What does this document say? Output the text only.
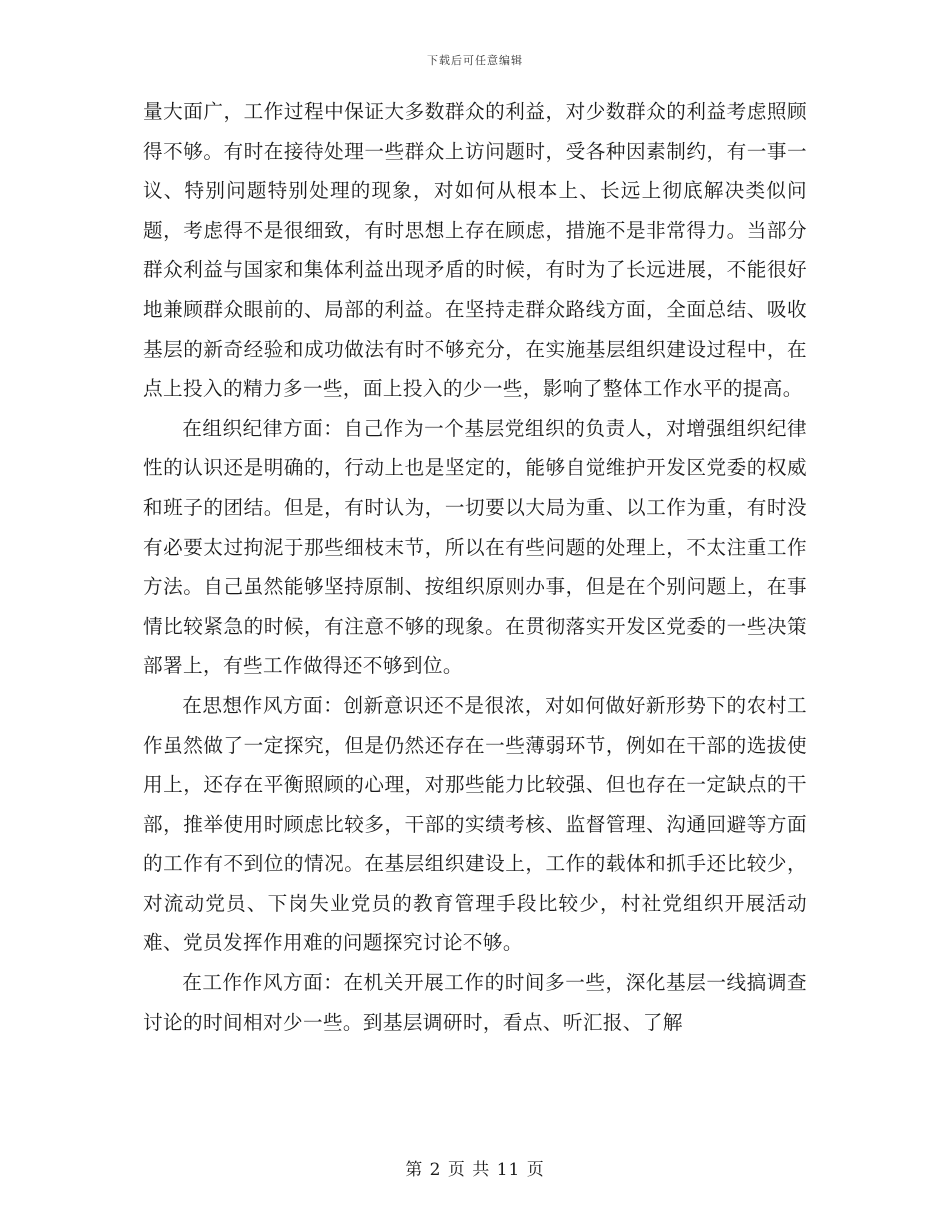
下载后可任意编辑

量大面广，工作过程中保证大多数群众的利益，对少数群众的利益考虑照顾得不够。有时在接待处理一些群众上访问题时，受各种因素制约，有一事一议、特别问题特别处理的现象，对如何从根本上、长远上彻底解决类似问题，考虑得不是很细致，有时思想上存在顾虑，措施不是非常得力。当部分群众利益与国家和集体利益出现矛盾的时候，有时为了长远进展，不能很好地兼顾群众眼前的、局部的利益。在坚持走群众路线方面，全面总结、吸收基层的新奇经验和成功做法有时不够充分，在实施基层组织建设过程中，在点上投入的精力多一些，面上投入的少一些，影响了整体工作水平的提高。

在组织纪律方面：自己作为一个基层党组织的负责人，对增强组织纪律性的认识还是明确的，行动上也是坚定的，能够自觉维护开发区党委的权威和班子的团结。但是，有时认为，一切要以大局为重、以工作为重，有时没有必要太过拘泥于那些细枝末节，所以在有些问题的处理上，不太注重工作方法。自己虽然能够坚持原制、按组织原则办事，但是在个别问题上，在事情比较紧急的时候，有注意不够的现象。在贯彻落实开发区党委的一些决策部署上，有些工作做得还不够到位。

在思想作风方面：创新意识还不是很浓，对如何做好新形势下的农村工作虽然做了一定探究，但是仍然还存在一些薄弱环节，例如在干部的选拔使用上，还存在平衡照顾的心理，对那些能力比较强、但也存在一定缺点的干部，推举使用时顾虑比较多，干部的实绩考核、监督管理、沟通回避等方面的工作有不到位的情况。在基层组织建设上，工作的载体和抓手还比较少，对流动党员、下岗失业党员的教育管理手段比较少，村社党组织开展活动难、党员发挥作用难的问题探究讨论不够。

在工作作风方面：在机关开展工作的时间多一些，深化基层一线搞调查讨论的时间相对少一些。到基层调研时，看点、听汇报、了解

第 2 页 共 11 页
